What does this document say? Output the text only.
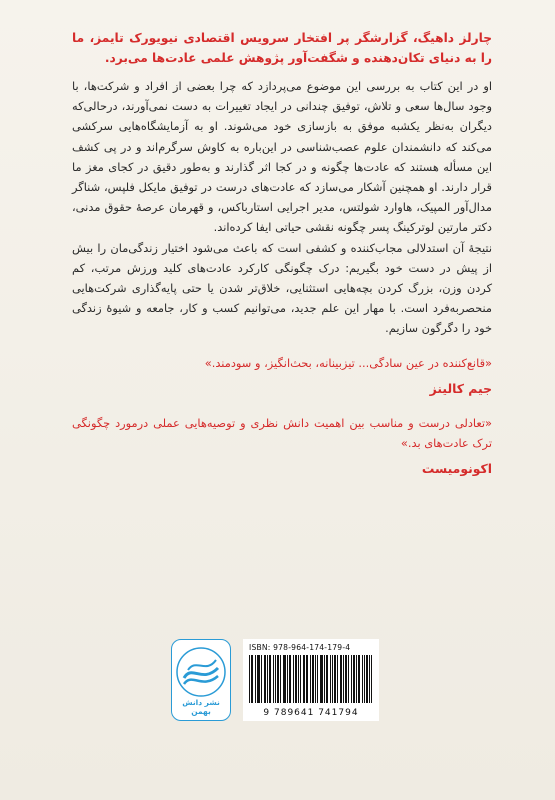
چارلز داهیگ، گزارشگر پر افتخار سرویس اقتصادی نیویورک تایمز، ما را به دنیای تکان‌دهنده و شگفت‌آور پژوهش علمی عادت‌ها می‌برد.

او در این کتاب به بررسی این موضوع می‌پردازد که چرا بعضی از افراد و شرکت‌ها، با وجود سال‌ها سعی و تلاش، توفیق چندانی در ایجاد تغییرات به دست نمی‌آورند، درحالی‌که دیگران به‌نظر یکشبه موفق به بازسازی خود می‌شوند. او به آزمایشگاه‌هایی سرکشی می‌کند که دانشمندان علوم عصب‌شناسی در این‌باره به کاوش سرگرم‌اند و در پی کشف این مسأله هستند که عادت‌ها چگونه و در کجا اثر گذارند و به‌طور دقیق در کجای مغز ما قرار دارند. او همچنین آشکار می‌سازد که عادت‌های درست در توفیق مایکل فلپس، شناگر مدال‌آور المپیک، هاوارد شولتس، مدیر اجرایی استارباکس، و قهرمان عرصهٔ حقوق مدنی، دکتر مارتین لوترکینگ پسر چگونه نقشی حیاتی ایفا کرده‌اند.

نتیجهٔ آن استدلالی مجاب‌کننده و کشفی است که باعث می‌شود اختیار زندگی‌مان را بیش از پیش در دست خود بگیریم: درک چگونگی کارکرد عادت‌های کلید ورزش مرتب، کم کردن وزن، بزرگ کردن بچه‌هایی استثنایی، خلاق‌تر شدن یا حتی پایه‌گذاری شرکت‌هایی منحصربه‌فرد است. با مهار این علم جدید، می‌توانیم کسب و کار، جامعه و شیوهٔ زندگی خود را دگرگون سازیم.

«قانع‌کننده در عین سادگی... تیزبینانه، بحث‌انگیز، و سودمند.»

جیم کالینز

«تعادلی درست و مناسب بین اهمیت دانش نظری و توصیه‌هایی عملی درمورد چگونگی ترک عادت‌های بد.»

اکونومیست

نشر دانش بهمن
ISBN: 978-964-174-179-4
9 789641 741794
